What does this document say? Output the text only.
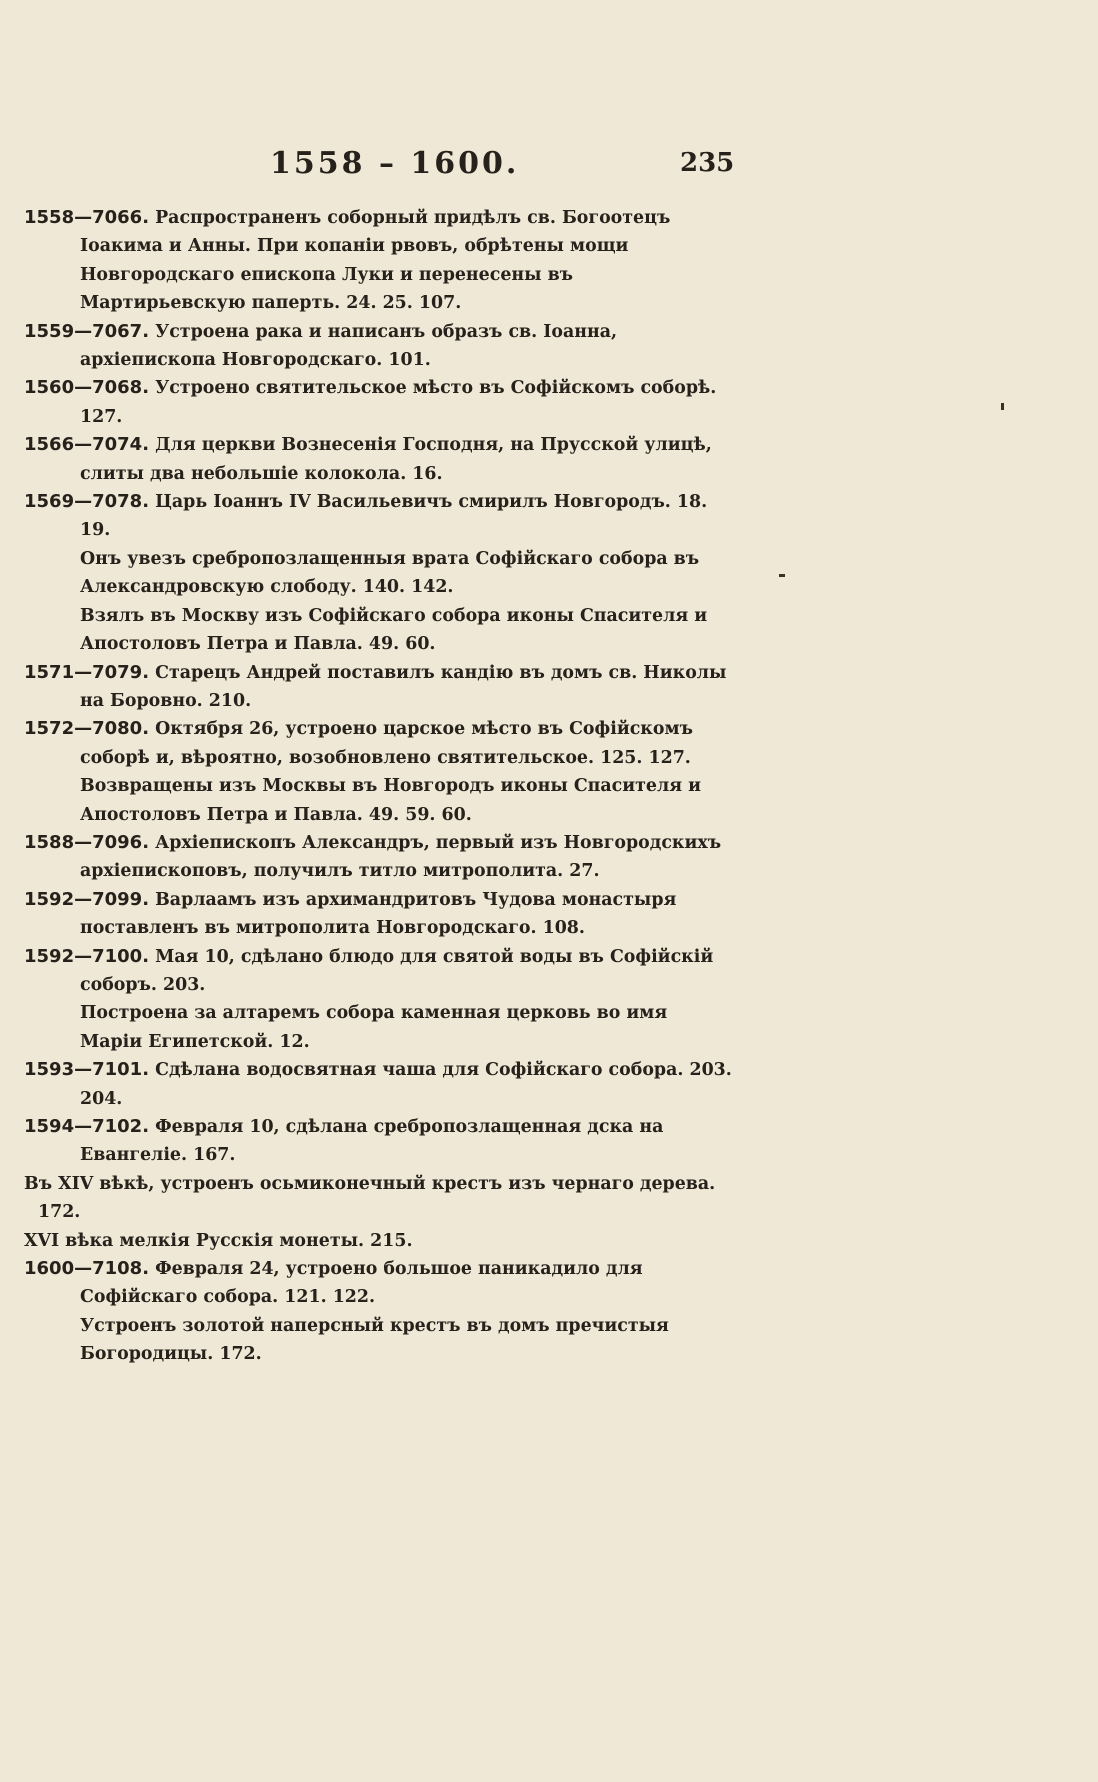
1558 – 1600.	235

1558—7066. Распространенъ соборный придѣлъ св. Богоотецъ Іоакима и Анны. При копаніи рвовъ, обрѣтены мощи Новгородскаго епископа Луки и перенесены въ Мартирьевскую паперть. 24. 25. 107.

1559—7067. Устроена рака и написанъ образъ св. Іоанна, архіепископа Новгородскаго. 101.

1560—7068. Устроено святительское мѣсто въ Софійскомъ соборѣ. 127.

1566—7074. Для церкви Вознесенія Господня, на Прусской улицѣ, слиты два небольшіе колокола. 16.

1569—7078. Царь Іоаннъ IV Васильевичъ смирилъ Новгородъ. 18. 19.

Онъ увезъ сребропозлащенныя врата Софійскаго собора въ Александровскую слободу. 140. 142.

Взялъ въ Москву изъ Софійскаго собора иконы Спасителя и Апостоловъ Петра и Павла. 49. 60.

1571—7079. Старецъ Андрей поставилъ кандію въ домъ св. Николы на Боровно. 210.

1572—7080. Октября 26, устроено царское мѣсто въ Софійскомъ соборѣ и, вѣроятно, возобновлено святительское. 125. 127.

Возвращены изъ Москвы въ Новгородъ иконы Спасителя и Апостоловъ Петра и Павла. 49. 59. 60.

1588—7096. Архіепископъ Александръ, первый изъ Новгородскихъ архіепископовъ, получилъ титло митрополита. 27.

1592—7099. Варлаамъ изъ архимандритовъ Чудова монастыря поставленъ въ митрополита Новгородскаго. 108.

1592—7100. Мая 10, сдѣлано блюдо для святой воды въ Софійскій соборъ. 203.

Построена за алтаремъ собора каменная церковь во имя Маріи Египетской. 12.

1593—7101. Сдѣлана водосвятная чаша для Софійскаго собора. 203. 204.

1594—7102. Февраля 10, сдѣлана сребропозлащенная дска на Евангеліе. 167.

Въ XIV вѣкѣ, устроенъ осьмиконечный крестъ изъ чернаго дерева. 172.

XVI вѣка мелкія Русскія монеты. 215.

1600—7108. Февраля 24, устроено большое паникадило для Софійскаго собора. 121. 122.

Устроенъ золотой наперсный крестъ въ домъ пречистыя Богородицы. 172.
